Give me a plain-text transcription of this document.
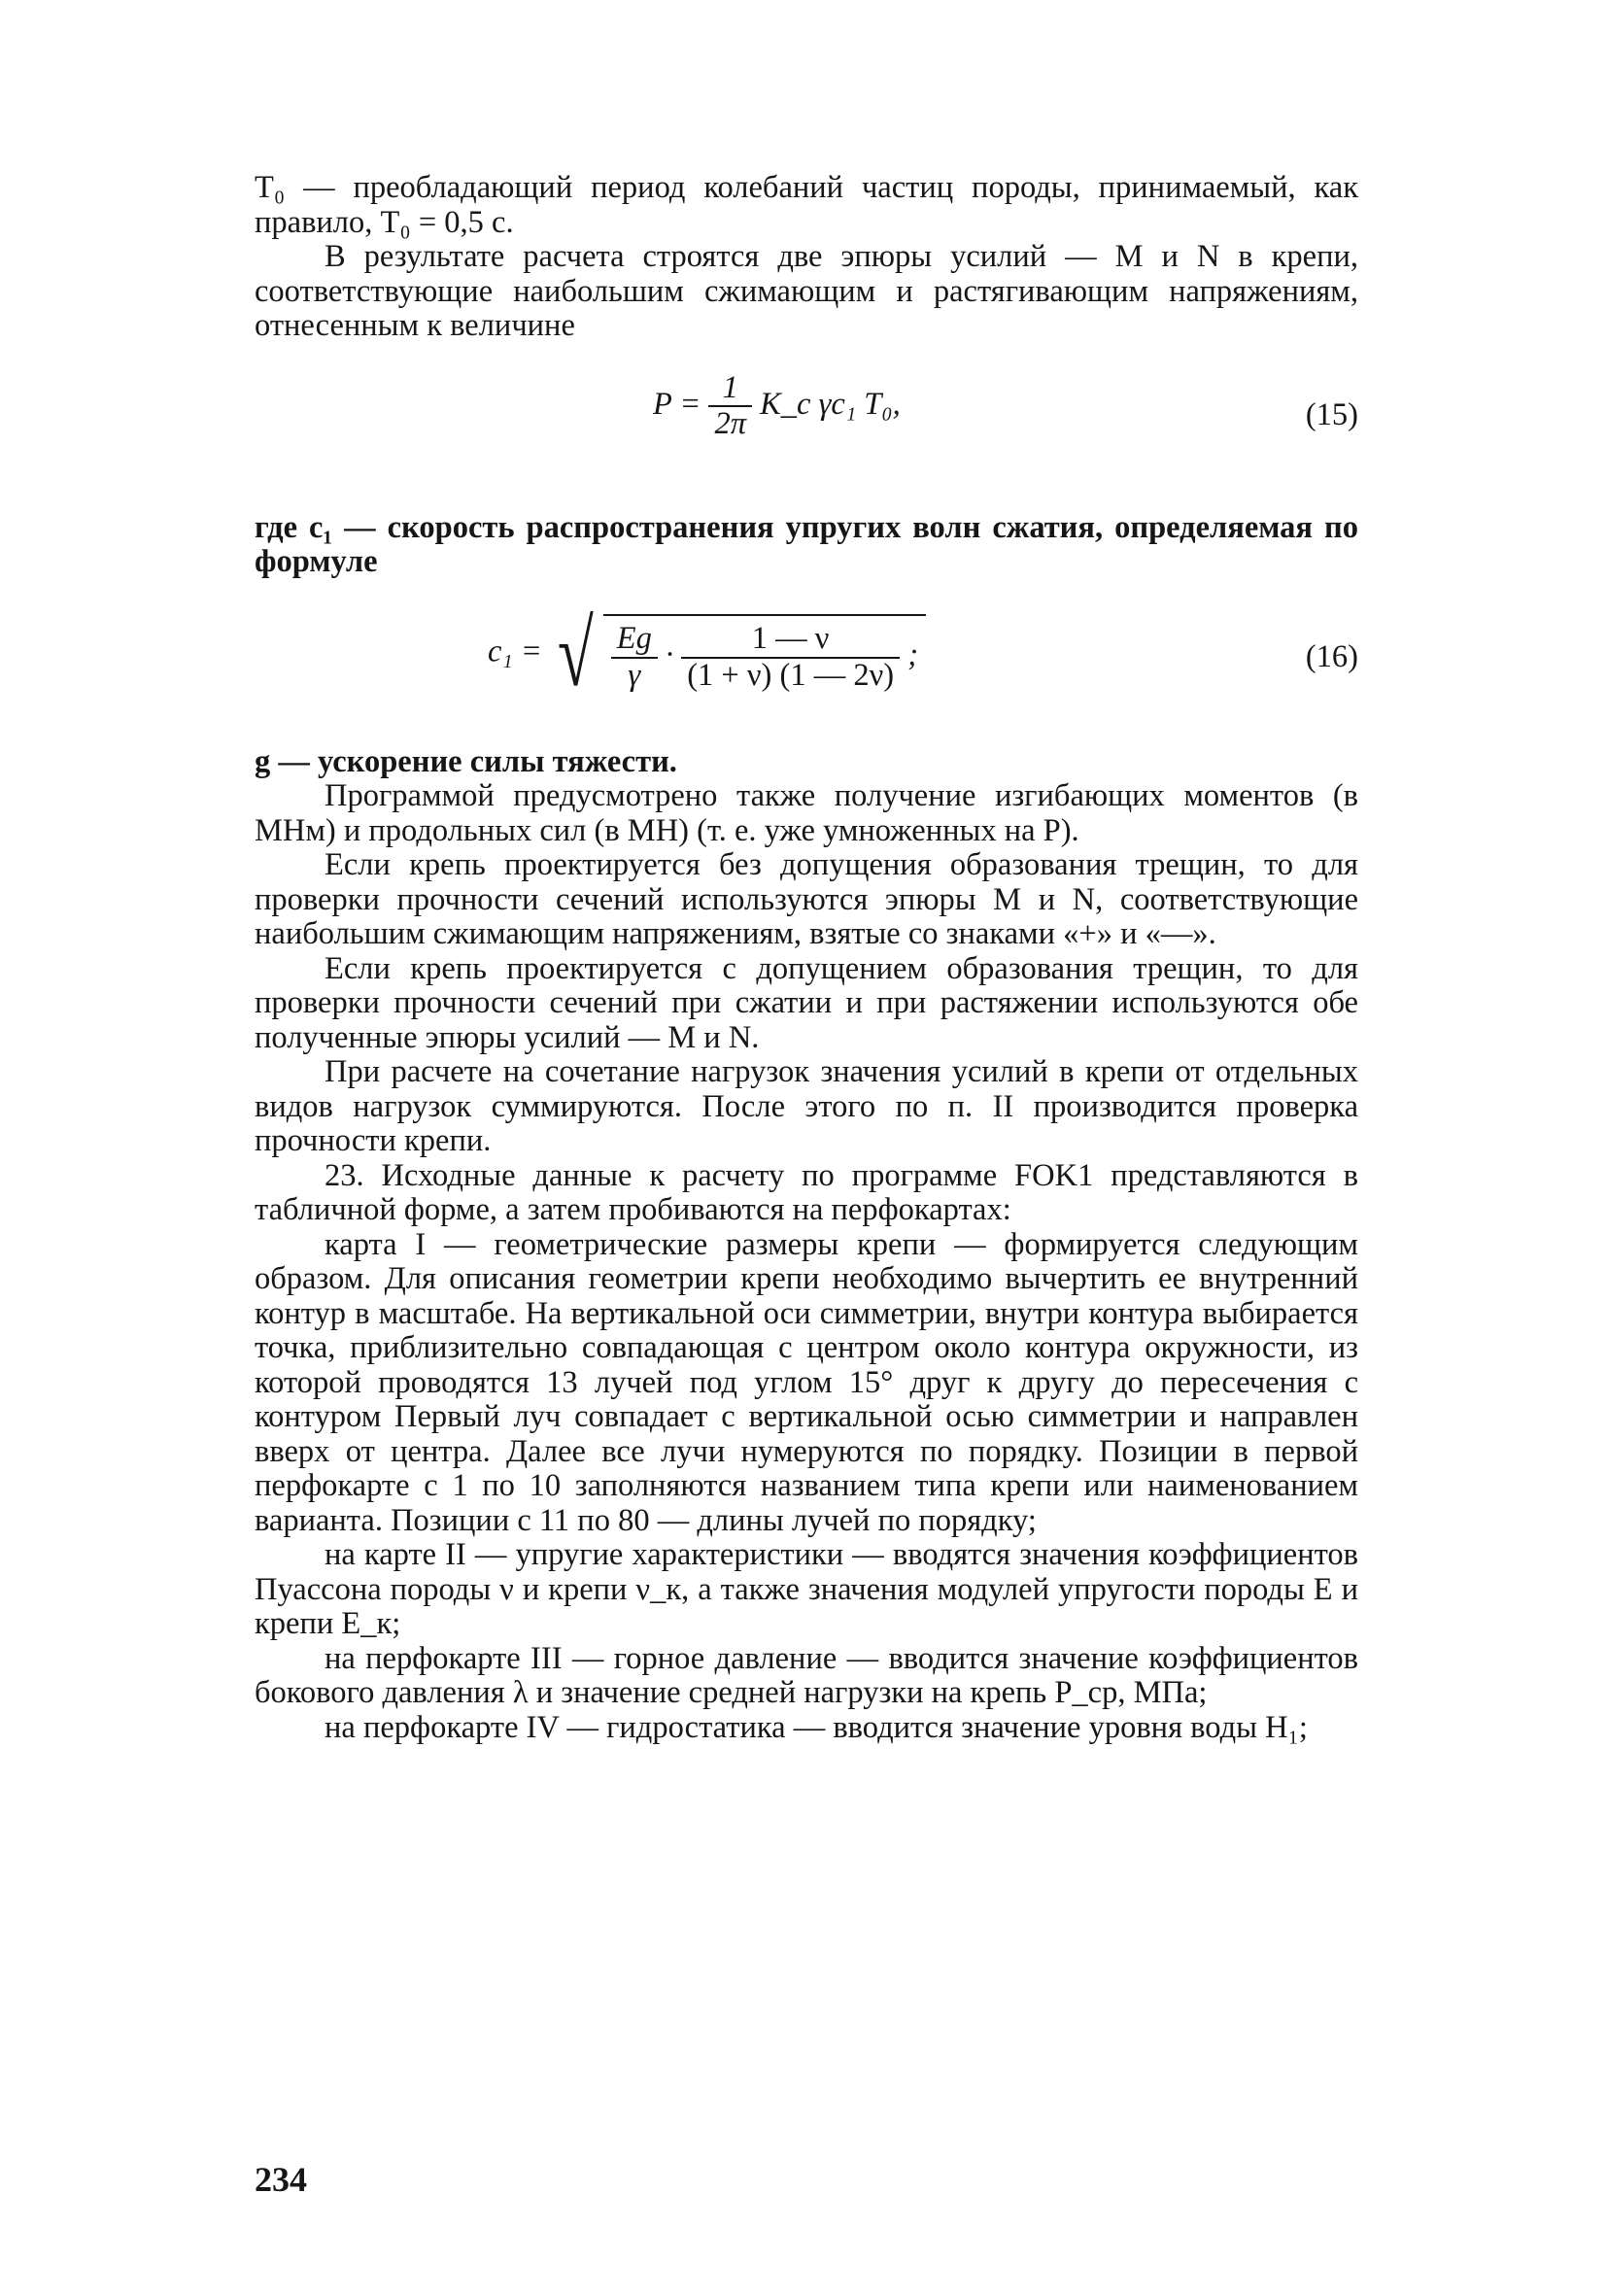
T₀ — преобладающий период колебаний частиц породы, принимаемый, как правило, T₀ = 0,5 с.

В результате расчета строятся две эпюры усилий — M и N в крепи, соответствующие наибольшим сжимающим и растягивающим напряжениям, отнесенным к величине

$P = \frac{1}{2\pi}$ K_c γc₁ T₀,	(15)

где c₁ — скорость распространения упругих волн сжатия, определяемая по формуле

c₁ = √ $\frac{Eg}{\gamma} \cdot \frac{1 — \nu}{(1 + \nu) (1 — 2\nu)}$ ;	(16)

g — ускорение силы тяжести.

Программой предусмотрено также получение изгибающих моментов (в МНм) и продольных сил (в МН) (т. е. уже умноженных на P).

Если крепь проектируется без допущения образования трещин, то для проверки прочности сечений используются эпюры M и N, соответствующие наибольшим сжимающим напряжениям, взятые со знаками «+» и «—».

Если крепь проектируется с допущением образования трещин, то для проверки прочности сечений при сжатии и при растяжении используются обе полученные эпюры усилий — M и N.

При расчете на сочетание нагрузок значения усилий в крепи от отдельных видов нагрузок суммируются. После этого по п. II производится проверка прочности крепи.

23. Исходные данные к расчету по программе FOK1 представляются в табличной форме, а затем пробиваются на перфокартах:

карта I — геометрические размеры крепи — формируется следующим образом. Для описания геометрии крепи необходимо вычертить ее внутренний контур в масштабе. На вертикальной оси симметрии, внутри контура выбирается точка, приблизительно совпадающая с центром около контура окружности, из которой проводятся 13 лучей под углом 15° друг к другу до пересечения с контуром Первый луч совпадает с вертикальной осью симметрии и направлен вверх от центра. Далее все лучи нумеруются по порядку. Позиции в первой перфокарте с 1 по 10 заполняются названием типа крепи или наименованием варианта. Позиции с 11 по 80 — длины лучей по порядку;

на карте II — упругие характеристики — вводятся значения коэффициентов Пуассона породы ν и крепи ν_к, а также значения модулей упругости породы E и крепи E_к;

на перфокарте III — горное давление — вводится значение коэффициентов бокового давления λ и значение средней нагрузки на крепь P_ср, МПа;

на перфокарте IV — гидростатика — вводится значение уровня воды H₁;

234
